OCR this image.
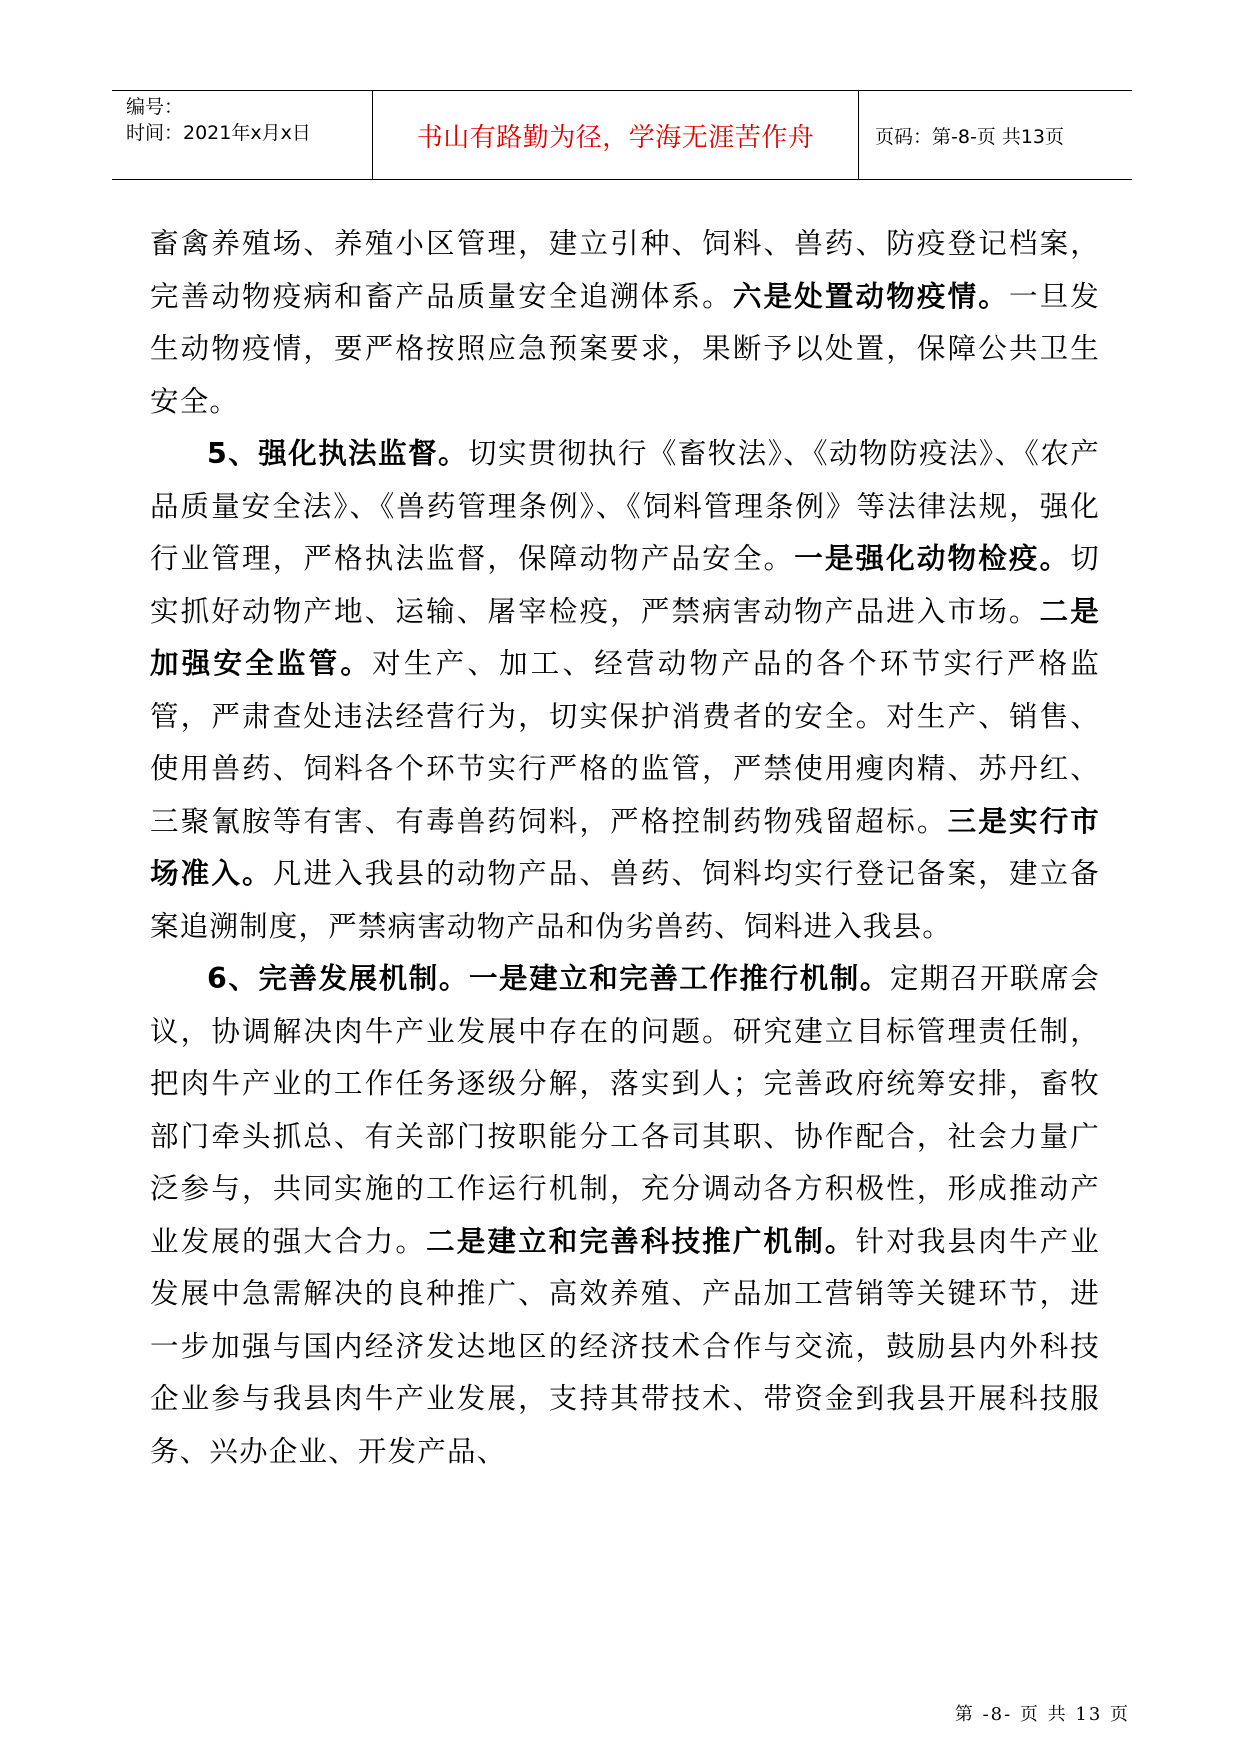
编号：
时间：2021年x月x日	书山有路勤为径，学海无涯苦作舟	页码：第-8-页 共13页

畜禽养殖场、养殖小区管理，建立引种、饲料、兽药、防疫登记档案，完善动物疫病和畜产品质量安全追溯体系。六是处置动物疫情。一旦发生动物疫情，要严格按照应急预案要求，果断予以处置，保障公共卫生安全。

5、强化执法监督。切实贯彻执行《畜牧法》、《动物防疫法》、《农产品质量安全法》、《兽药管理条例》、《饲料管理条例》等法律法规，强化行业管理，严格执法监督，保障动物产品安全。一是强化动物检疫。切实抓好动物产地、运输、屠宰检疫，严禁病害动物产品进入市场。二是加强安全监管。对生产、加工、经营动物产品的各个环节实行严格监管，严肃查处违法经营行为，切实保护消费者的安全。对生产、销售、使用兽药、饲料各个环节实行严格的监管，严禁使用瘦肉精、苏丹红、三聚氰胺等有害、有毒兽药饲料，严格控制药物残留超标。三是实行市场准入。凡进入我县的动物产品、兽药、饲料均实行登记备案，建立备案追溯制度，严禁病害动物产品和伪劣兽药、饲料进入我县。

6、完善发展机制。一是建立和完善工作推行机制。定期召开联席会议，协调解决肉牛产业发展中存在的问题。研究建立目标管理责任制，把肉牛产业的工作任务逐级分解，落实到人；完善政府统筹安排，畜牧部门牵头抓总、有关部门按职能分工各司其职、协作配合，社会力量广泛参与，共同实施的工作运行机制，充分调动各方积极性，形成推动产业发展的强大合力。二是建立和完善科技推广机制。针对我县肉牛产业发展中急需解决的良种推广、高效养殖、产品加工营销等关键环节，进一步加强与国内经济发达地区的经济技术合作与交流，鼓励县内外科技企业参与我县肉牛产业发展，支持其带技术、带资金到我县开展科技服务、兴办企业、开发产品、

第 -8- 页 共 13 页
